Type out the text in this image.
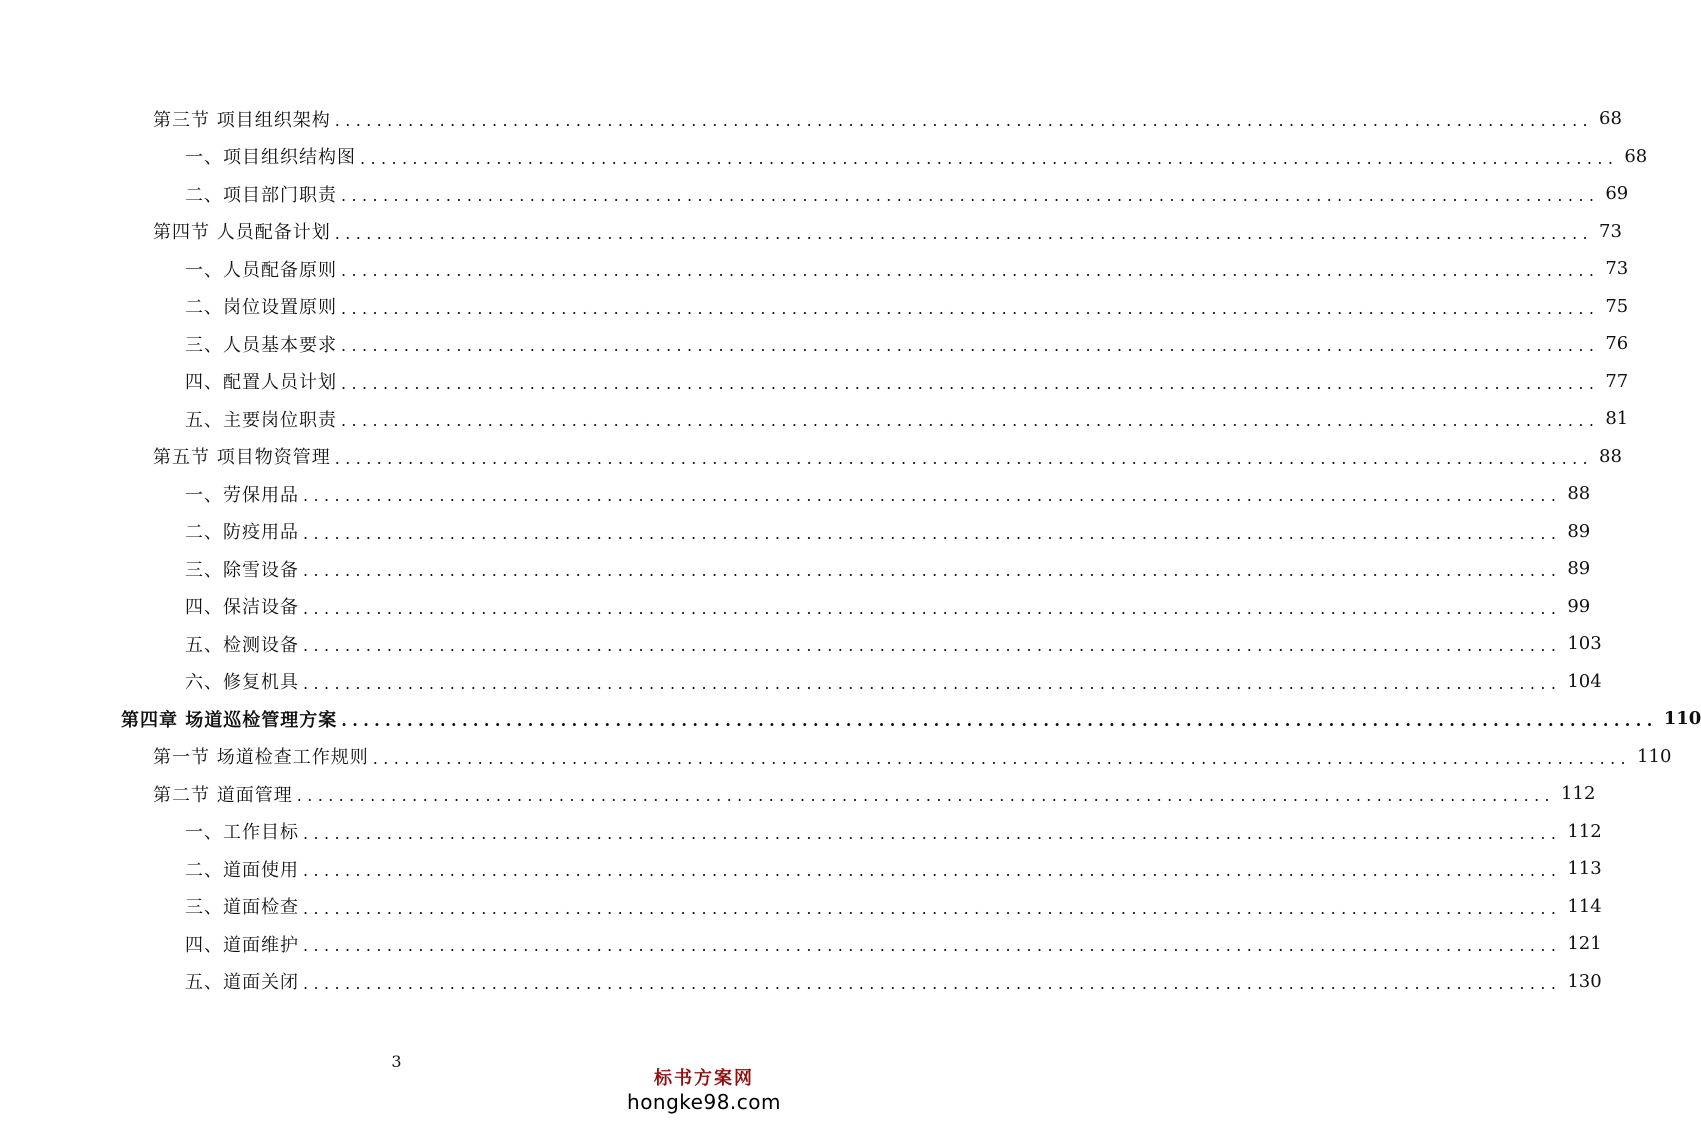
第三节 项目组织架构 ........................................................................................................................ 68
一、项目组织结构图 ........................................................................................................................ 68
二、项目部门职责 ........................................................................................................................ 69
第四节 人员配备计划 ........................................................................................................................ 73
一、人员配备原则 ........................................................................................................................ 73
二、岗位设置原则 ........................................................................................................................ 75
三、人员基本要求 ........................................................................................................................ 76
四、配置人员计划 ........................................................................................................................ 77
五、主要岗位职责 ........................................................................................................................ 81
第五节 项目物资管理 ........................................................................................................................ 88
一、劳保用品 ........................................................................................................................ 88
二、防疫用品 ........................................................................................................................ 89
三、除雪设备 ........................................................................................................................ 89
四、保洁设备 ........................................................................................................................ 99
五、检测设备 ........................................................................................................................ 103
六、修复机具 ........................................................................................................................ 104
第四章 场道巡检管理方案 ........................................................................................................................ 110
第一节 场道检查工作规则 ........................................................................................................................ 110
第二节 道面管理 ........................................................................................................................ 112
一、工作目标 ........................................................................................................................ 112
二、道面使用 ........................................................................................................................ 113
三、道面检查 ........................................................................................................................ 114
四、道面维护 ........................................................................................................................ 121
五、道面关闭 ........................................................................................................................ 130
3
标书方案网
hongke98.com
